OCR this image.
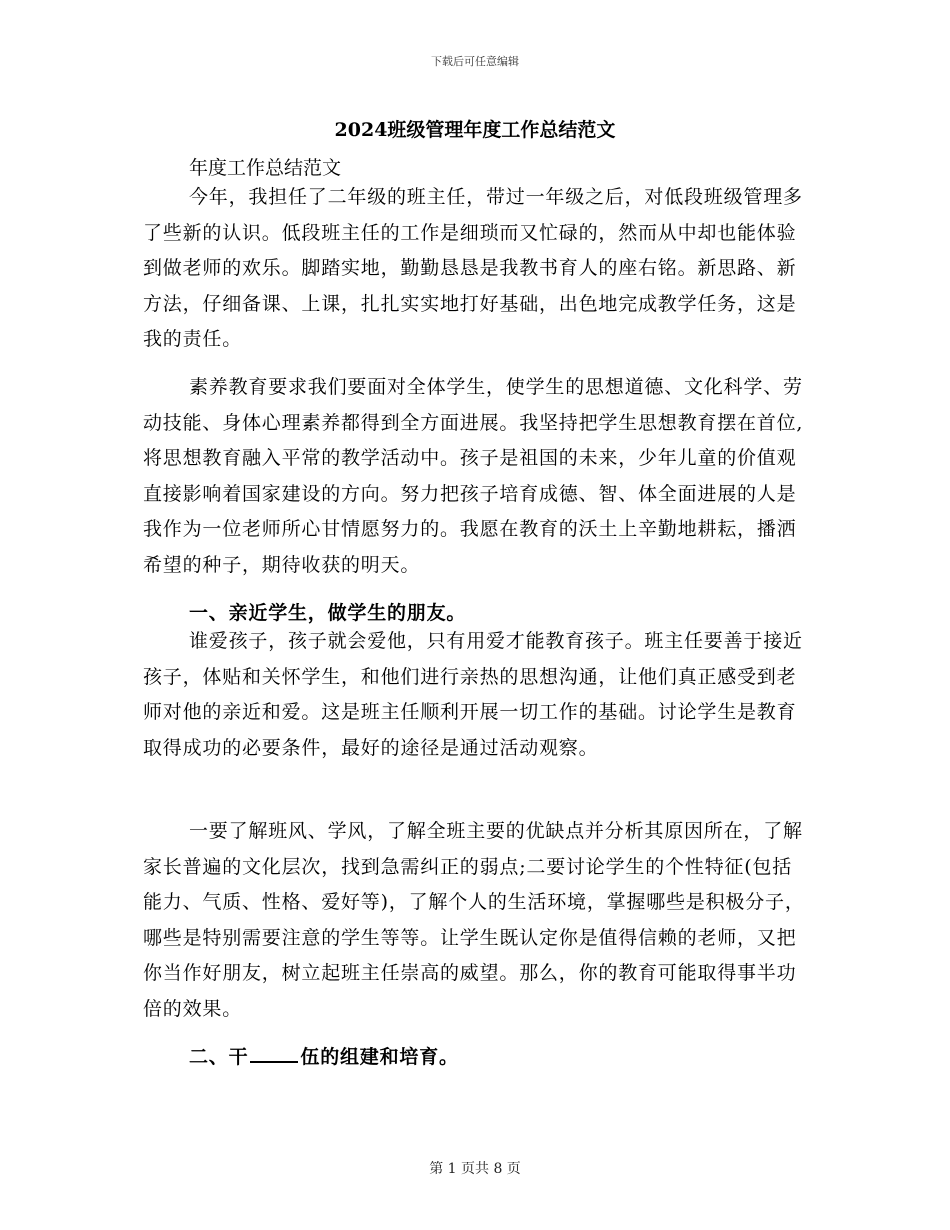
下载后可任意编辑
2024班级管理年度工作总结范文

年度工作总结范文

今年，我担任了二年级的班主任，带过一年级之后，对低段班级管理多了些新的认识。低段班主任的工作是细琐而又忙碌的，然而从中却也能体验到做老师的欢乐。脚踏实地，勤勤恳恳是我教书育人的座右铭。新思路、新方法，仔细备课、上课，扎扎实实地打好基础，出色地完成教学任务，这是我的责任。

素养教育要求我们要面对全体学生，使学生的思想道德、文化科学、劳动技能、身体心理素养都得到全方面进展。我坚持把学生思想教育摆在首位,将思想教育融入平常的教学活动中。孩子是祖国的未来，少年儿童的价值观直接影响着国家建设的方向。努力把孩子培育成德、智、体全面进展的人是我作为一位老师所心甘情愿努力的。我愿在教育的沃土上辛勤地耕耘，播洒希望的种子，期待收获的明天。

一、亲近学生，做学生的朋友。

谁爱孩子，孩子就会爱他，只有用爱才能教育孩子。班主任要善于接近孩子，体贴和关怀学生，和他们进行亲热的思想沟通，让他们真正感受到老师对他的亲近和爱。这是班主任顺利开展一切工作的基础。讨论学生是教育取得成功的必要条件，最好的途径是通过活动观察。

一要了解班风、学风，了解全班主要的优缺点并分析其原因所在，了解家长普遍的文化层次，找到急需纠正的弱点;二要讨论学生的个性特征(包括能力、气质、性格、爱好等)，了解个人的生活环境，掌握哪些是积极分子，哪些是特别需要注意的学生等等。让学生既认定你是值得信赖的老师，又把你当作好朋友，树立起班主任崇高的威望。那么，你的教育可能取得事半功倍的效果。

二、干	伍的组建和培育。

第 1 页共 8 页
